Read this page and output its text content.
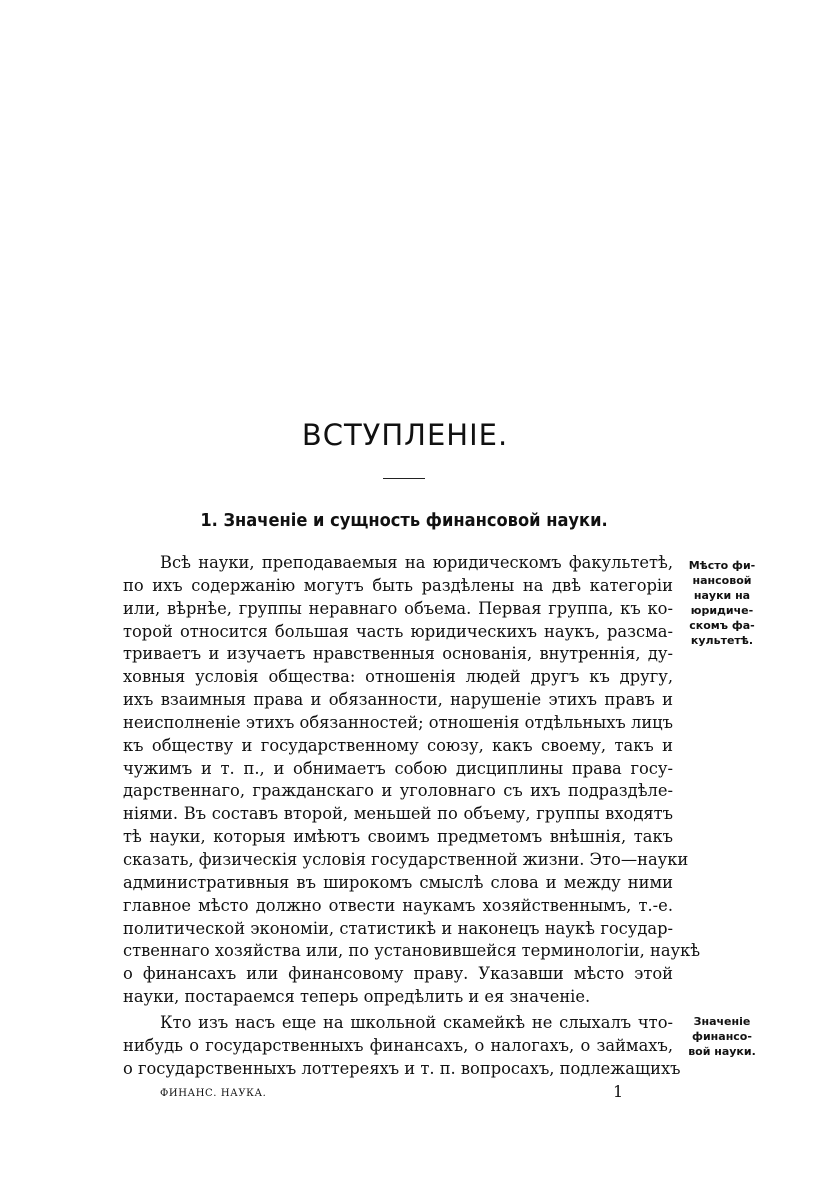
ВСТУПЛЕНІЕ.
1. Значеніе и сущность финансовой науки.
Всѣ науки, преподаваемыя на юридическомъ факультетѣ,
по ихъ содержанію могутъ быть раздѣлены на двѣ категоріи
или, вѣрнѣе, группы неравнаго объема. Первая группа, къ ко-
торой относится большая часть юридическихъ наукъ, разсма-
триваетъ и изучаетъ нравственныя основанія, внутреннія, ду-
ховныя условія общества: отношенія людей другъ къ другу,
ихъ взаимныя права и обязанности, нарушеніе этихъ правъ и
неисполненіе этихъ обязанностей; отношенія отдѣльныхъ лицъ
къ обществу и государственному союзу, какъ своему, такъ и
чужимъ и т. п., и обнимаетъ собою дисциплины права госу-
дарственнаго, гражданскаго и уголовнаго съ ихъ подраздѣле-
ніями. Въ составъ второй, меньшей по объему, группы входятъ
тѣ науки, которыя имѣютъ своимъ предметомъ внѣшнія, такъ
сказать, физическія условія государственной жизни. Это—науки
административныя въ широкомъ смыслѣ слова и между ними
главное мѣсто должно отвести наукамъ хозяйственнымъ, т.-е.
политической экономіи, статистикѣ и наконецъ наукѣ государ-
ственнаго хозяйства или, по установившейся терминологіи, наукѣ
о финансахъ или финансовому праву. Указавши мѣсто этой
науки, постараемся теперь опредѣлить и ея значеніе.
Кто изъ насъ еще на школьной скамейкѣ не слыхалъ что-
нибудь о государственныхъ финансахъ, о налогахъ, о займахъ,
о государственныхъ лоттереяхъ и т. п. вопросахъ, подлежащихъ
Мѣсто фи-
нансовой
науки на
юридиче-
скомъ фа-
культетѣ.
Значеніе
финансо-
вой науки.
ФИНАНС. НАУКА.	1
